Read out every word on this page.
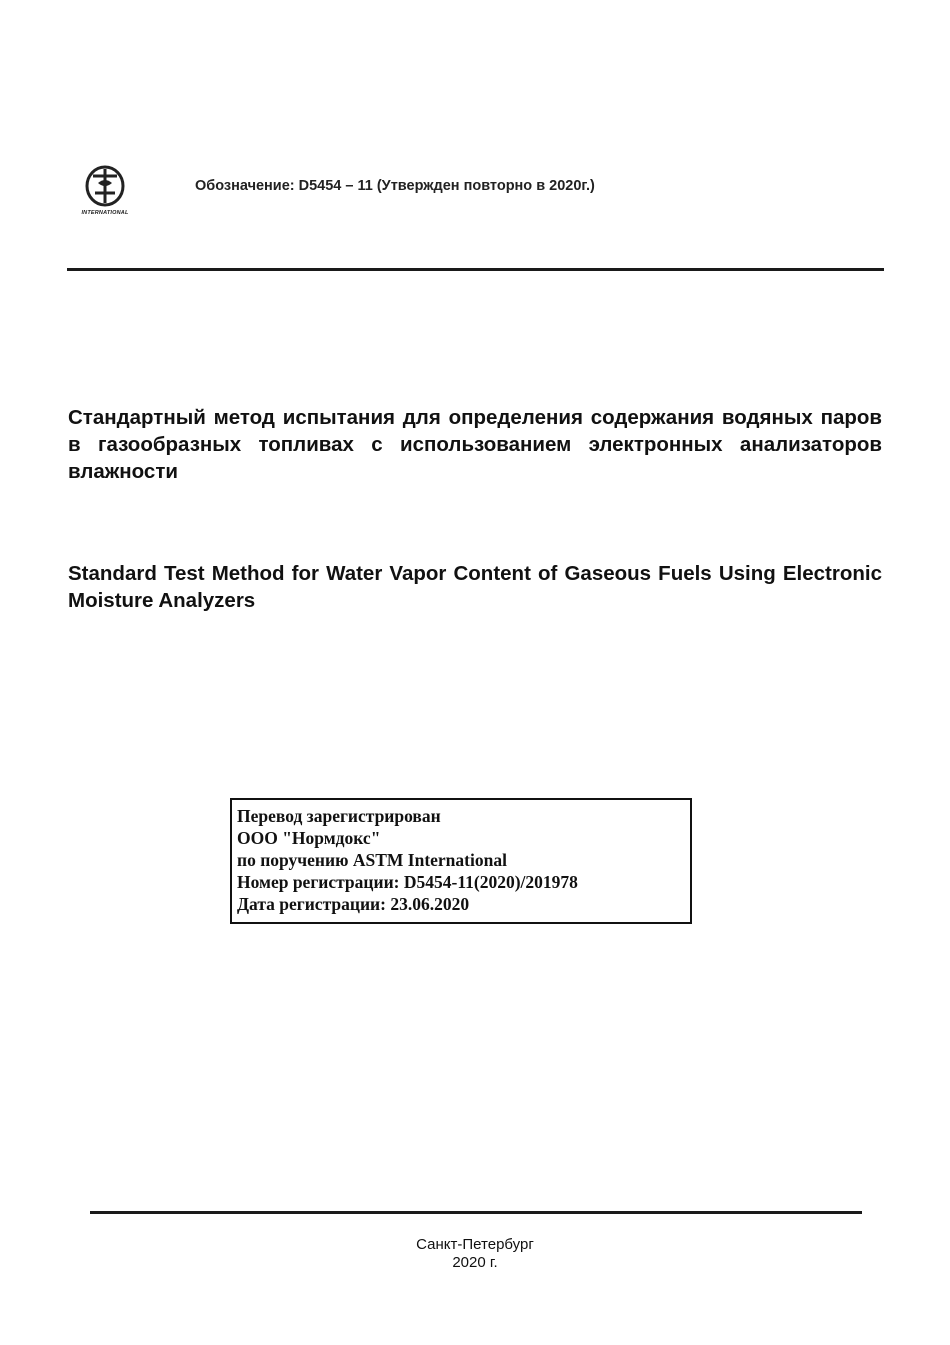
INTERNATIONAL
Обозначение: D5454 – 11 (Утвержден повторно в 2020г.)
Стандартный метод испытания для определения содержания водяных паров в газообразных топливах с использованием электронных анализаторов влажности
Standard Test Method for Water Vapor Content of Gaseous Fuels Using Electronic Moisture Analyzers
Перевод зарегистрирован
ООО "Нормдокс"
по поручению ASTM International
Номер регистрации: D5454-11(2020)/201978
Дата регистрации: 23.06.2020
Санкт-Петербург
2020 г.
